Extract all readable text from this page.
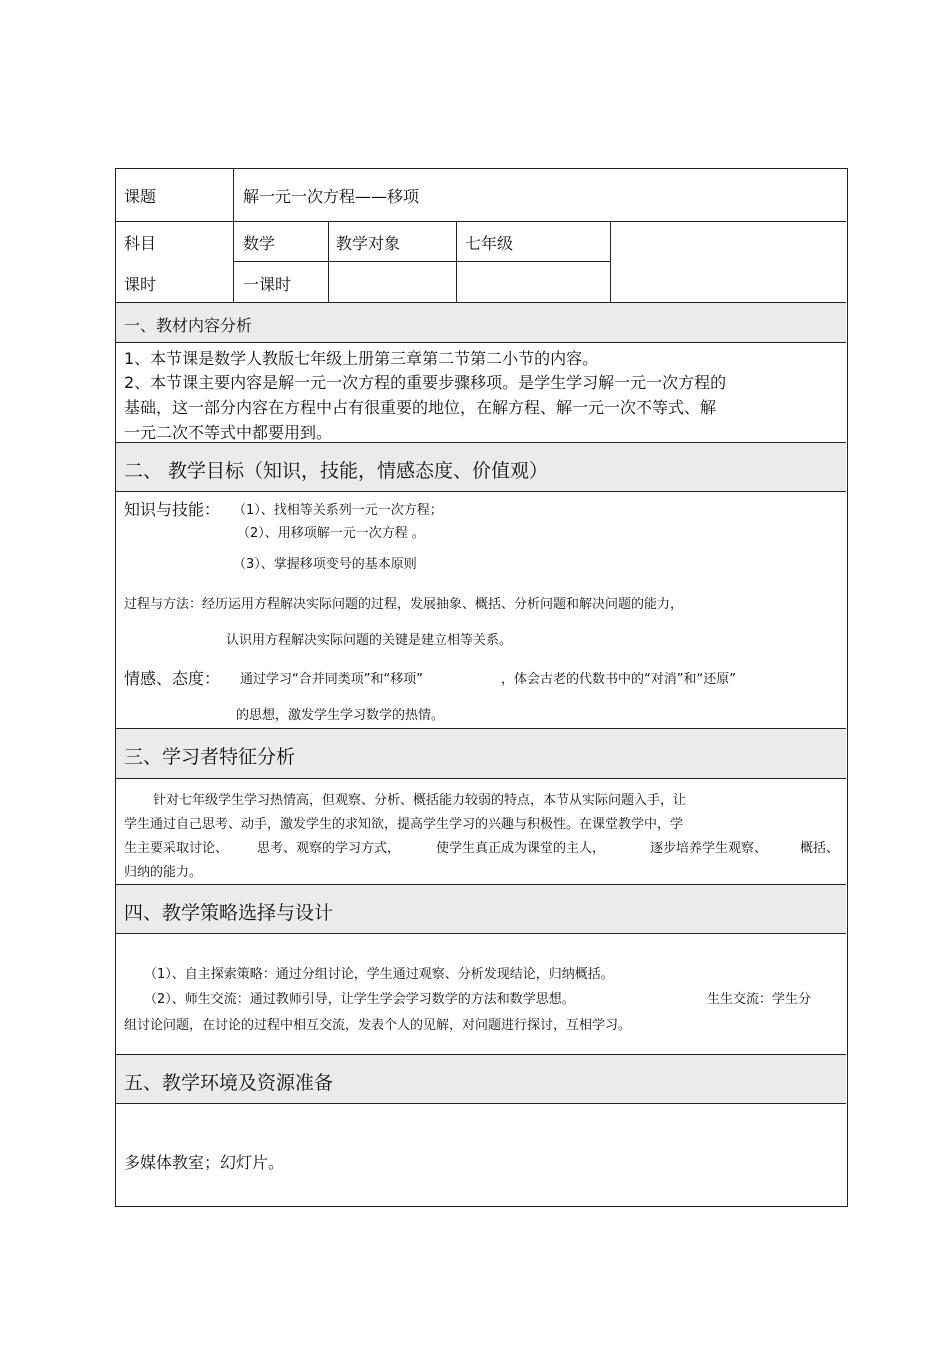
课题	解一元一次方程——移项
科目	数学	教学对象	七年级
课时	一课时
一、教材内容分析
1、本节课是数学人教版七年级上册第三章第二节第二小节的内容。
2、本节课主要内容是解一元一次方程的重要步骤移项。是学生学习解一元一次方程的
基础，这一部分内容在方程中占有很重要的地位，在解方程、解一元一次不等式、解
一元二次不等式中都要用到。
二、 教学目标（知识，技能，情感态度、价值观）
知识与技能： （1）、找相等关系列一元一次方程；
（2）、用移项解一元一次方程 。
（3）、掌握移项变号的基本原则
过程与方法：经历运用方程解决实际问题的过程，发展抽象、概括、分析问题和解决问题的能力，
认识用方程解决实际问题的关键是建立相等关系。
情感、态度： 通过学习“合并同类项”和“移项”	，体会古老的代数书中的“对消”和“还原”
的思想，激发学生学习数学的热情。
三、学习者特征分析
针对七年级学生学习热情高，但观察、分析、概括能力较弱的特点，本节从实际问题入手，让
学生通过自己思考、动手，激发学生的求知欲，提高学生学习的兴趣与积极性。在课堂教学中，学
生主要采取讨论、 思考、观察的学习方式，	使学生真正成为课堂的主人，	逐步培养学生观察、	概括、
归纳的能力。
四、教学策略选择与设计
（1）、自主探索策略：通过分组讨论，学生通过观察、分析发现结论，归纳概括。
（2）、师生交流：通过教师引导，让学生学会学习数学的方法和数学思想。	生生交流：学生分
组讨论问题，在讨论的过程中相互交流，发表个人的见解，对问题进行探讨，互相学习。
五、教学环境及资源准备
多媒体教室；幻灯片。
